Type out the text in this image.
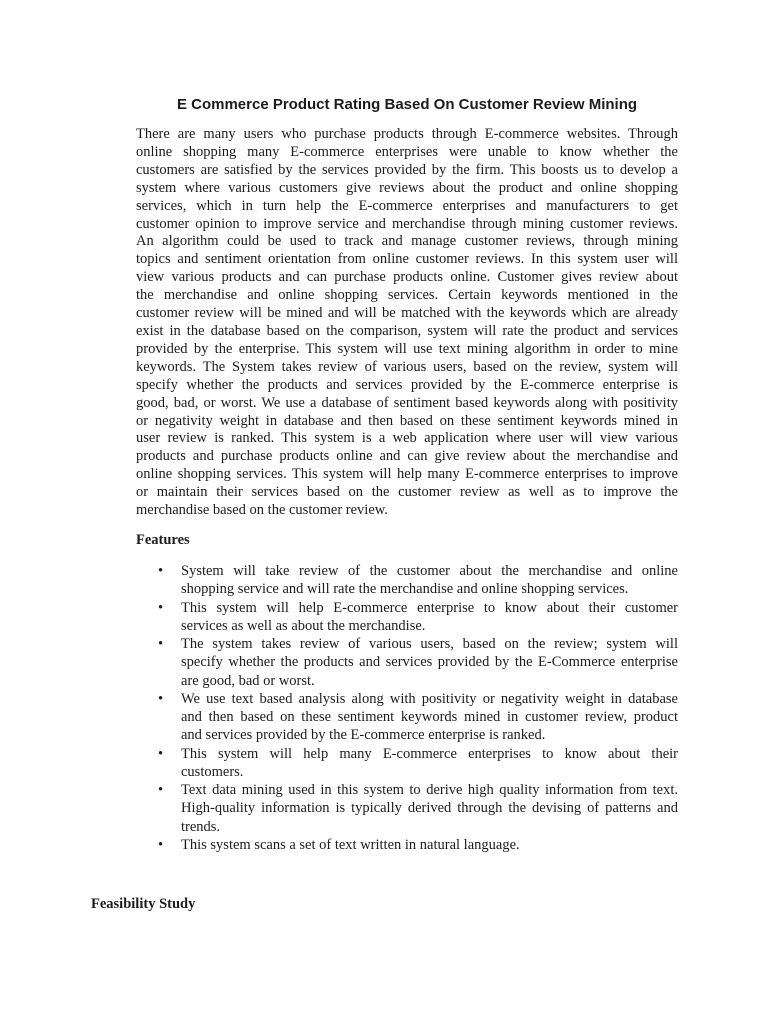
E Commerce Product Rating Based On Customer Review Mining
There are many users who purchase products through E-commerce websites. Through
online shopping many E-commerce enterprises were unable to know whether the
customers are satisfied by the services provided by the firm. This boosts us to develop a
system where various customers give reviews about the product and online shopping
services, which in turn help the E-commerce enterprises and manufacturers to get
customer opinion to improve service and merchandise through mining customer reviews.
An algorithm could be used to track and manage customer reviews, through mining
topics and sentiment orientation from online customer reviews. In this system user will
view various products and can purchase products online. Customer gives review about
the merchandise and online shopping services. Certain keywords mentioned in the
customer review will be mined and will be matched with the keywords which are already
exist in the database based on the comparison, system will rate the product and services
provided by the enterprise. This system will use text mining algorithm in order to mine
keywords. The System takes review of various users, based on the review, system will
specify whether the products and services provided by the E-commerce enterprise is
good, bad, or worst. We use a database of sentiment based keywords along with positivity
or negativity weight in database and then based on these sentiment keywords mined in
user review is ranked. This system is a web application where user will view various
products and purchase products online and can give review about the merchandise and
online shopping services. This system will help many E-commerce enterprises to improve
or maintain their services based on the customer review as well as to improve the
merchandise based on the customer review.
Features
• System will take review of the customer about the merchandise and online
shopping service and will rate the merchandise and online shopping services.
• This system will help E-commerce enterprise to know about their customer
services as well as about the merchandise.
• The system takes review of various users, based on the review; system will
specify whether the products and services provided by the E-Commerce enterprise
are good, bad or worst.
• We use text based analysis along with positivity or negativity weight in database
and then based on these sentiment keywords mined in customer review, product
and services provided by the E-commerce enterprise is ranked.
• This system will help many E-commerce enterprises to know about their
customers.
• Text data mining used in this system to derive high quality information from text.
High-quality information is typically derived through the devising of patterns and
trends.
• This system scans a set of text written in natural language.
Feasibility Study
